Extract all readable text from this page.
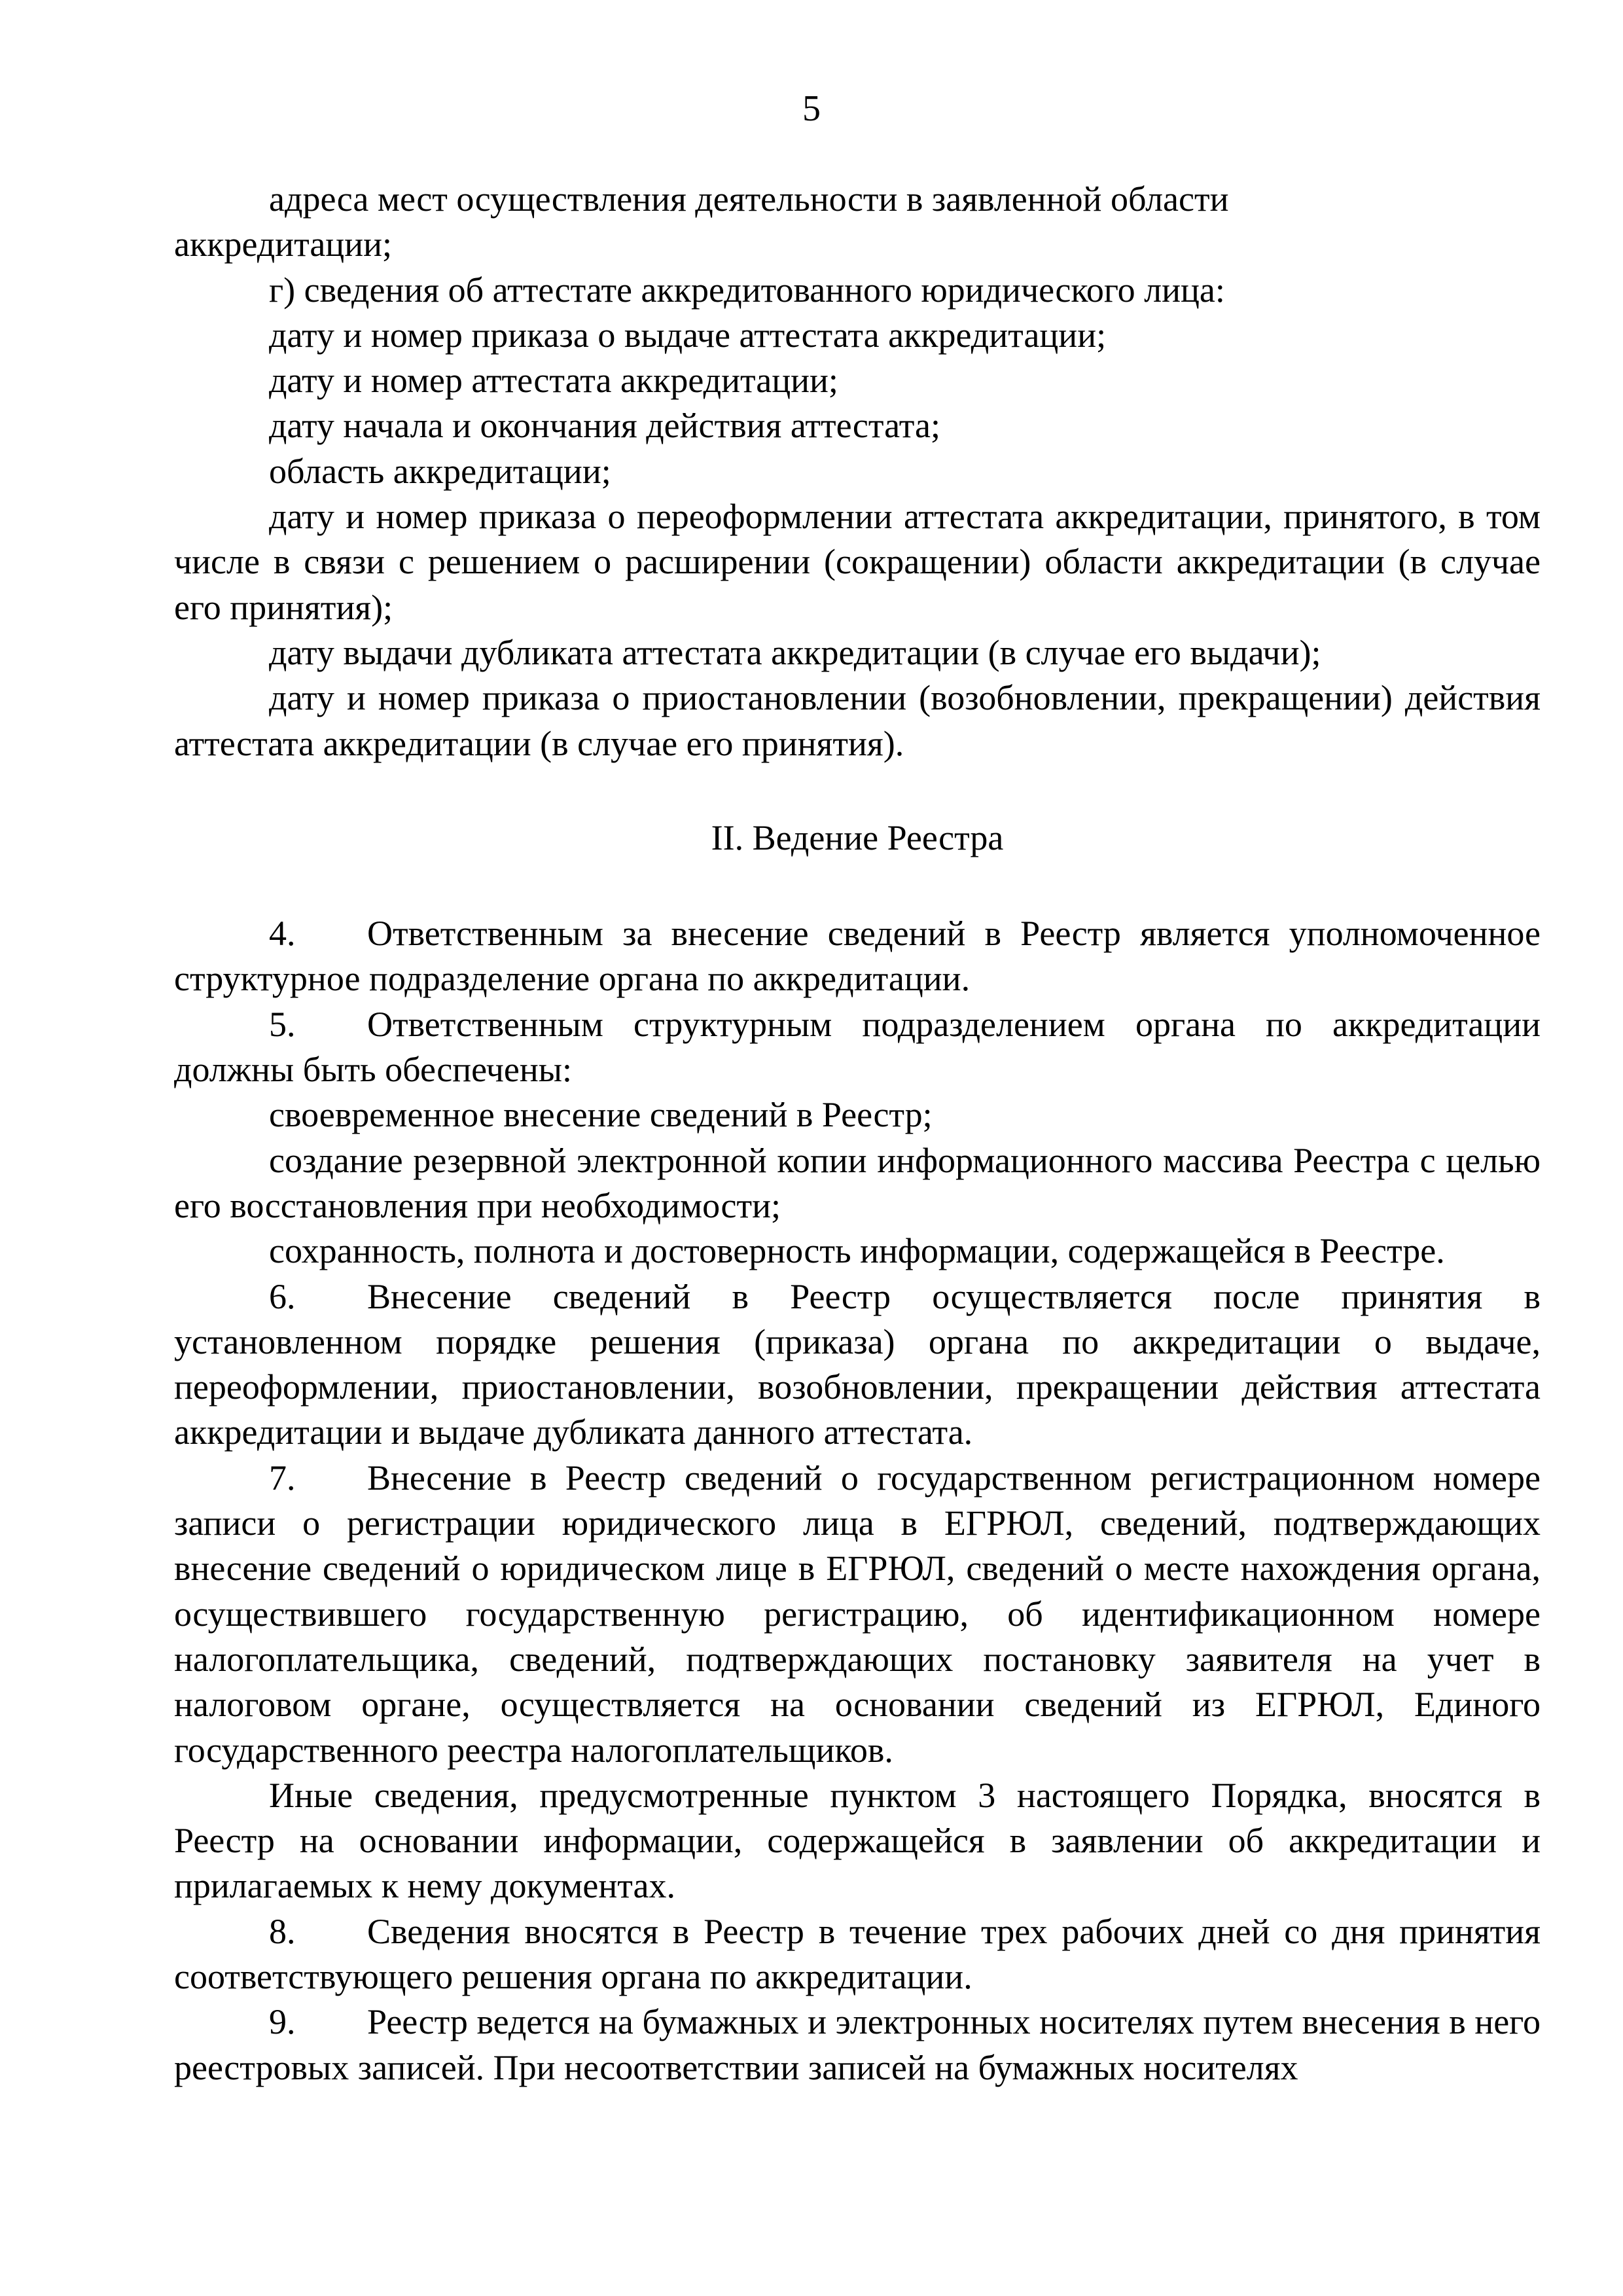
5

адреса мест осуществления деятельности в заявленной области

аккредитации;

г) сведения об аттестате аккредитованного юридического лица:

дату и номер приказа о выдаче аттестата аккредитации;

дату и номер аттестата аккредитации;

дату начала и окончания действия аттестата;

область аккредитации;

дату и номер приказа о переоформлении аттестата аккредитации, принятого, в том числе в связи с решением о расширении (сокращении) области аккредитации (в случае его принятия);

дату выдачи дубликата аттестата аккредитации (в случае его выдачи);

дату и номер приказа о приостановлении (возобновлении, прекращении) действия аттестата аккредитации (в случае его принятия).

II. Ведение Реестра

4. Ответственным за внесение сведений в Реестр является уполномоченное структурное подразделение органа по аккредитации.

5. Ответственным структурным подразделением органа по аккредитации должны быть обеспечены:

своевременное внесение сведений в Реестр;

создание резервной электронной копии информационного массива Реестра с целью его восстановления при необходимости;

сохранность, полнота и достоверность информации, содержащейся в Реестре.

6. Внесение сведений в Реестр осуществляется после принятия в установленном порядке решения (приказа) органа по аккредитации о выдаче, переоформлении, приостановлении, возобновлении, прекращении действия аттестата аккредитации и выдаче дубликата данного аттестата.

7. Внесение в Реестр сведений о государственном регистрационном номере записи о регистрации юридического лица в ЕГРЮЛ, сведений, подтверждающих внесение сведений о юридическом лице в ЕГРЮЛ, сведений о месте нахождения органа, осуществившего государственную регистрацию, об идентификационном номере налогоплательщика, сведений, подтверждающих постановку заявителя на учет в налоговом органе, осуществляется на основании сведений из ЕГРЮЛ, Единого государственного реестра налогоплательщиков.

Иные сведения, предусмотренные пунктом 3 настоящего Порядка, вносятся в Реестр на основании информации, содержащейся в заявлении об аккредитации и прилагаемых к нему документах.

8. Сведения вносятся в Реестр в течение трех рабочих дней со дня принятия соответствующего решения органа по аккредитации.

9. Реестр ведется на бумажных и электронных носителях путем внесения в него реестровых записей. При несоответствии записей на бумажных носителях
